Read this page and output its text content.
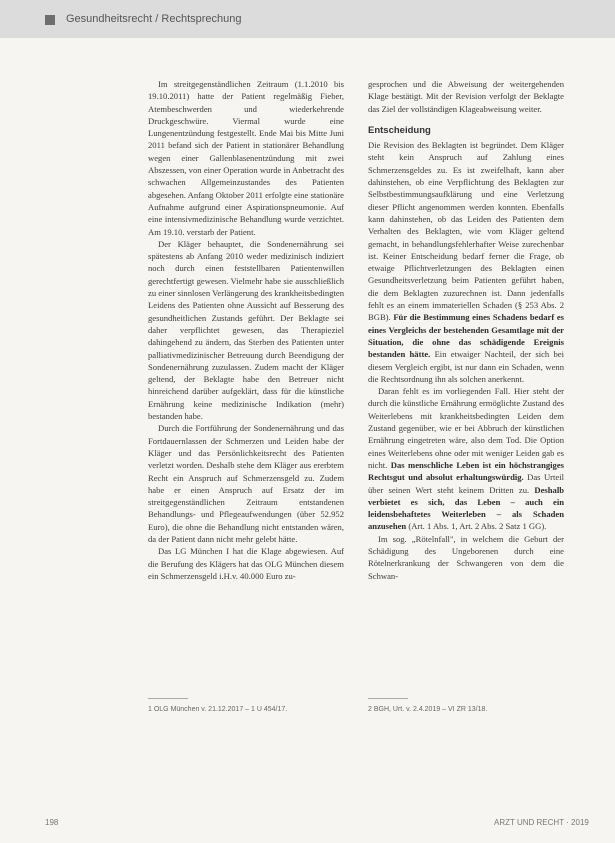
Gesundheitsrecht / Rechtsprechung

Im streitgegenständlichen Zeitraum (1.1.2010 bis 19.10.2011) hatte der Patient regelmäßig Fieber, Atembeschwerden und wiederkehrende Druckgeschwüre. Viermal wurde eine Lungenentzündung festgestellt. Ende Mai bis Mitte Juni 2011 befand sich der Patient in stationärer Behandlung wegen einer Gallenblasenentzündung mit zwei Abszessen, von einer Operation wurde in Anbetracht des schwachen Allgemeinzustandes des Patienten abgesehen. Anfang Oktober 2011 erfolgte eine stationäre Aufnahme aufgrund einer Aspirationspneumonie. Auf eine intensivmedizinische Behandlung wurde verzichtet. Am 19.10. verstarb der Patient.

Der Kläger behauptet, die Sondenernährung sei spätestens ab Anfang 2010 weder medizinisch indiziert noch durch einen feststellbaren Patientenwillen gerechtfertigt gewesen. Vielmehr habe sie ausschließlich zu einer sinnlosen Verlängerung des krankheitsbedingten Leidens des Patienten ohne Aussicht auf Besserung des gesundheitlichen Zustands geführt. Der Beklagte sei daher verpflichtet gewesen, das Therapieziel dahingehend zu ändern, das Sterben des Patienten unter palliativmedizinischer Betreuung durch Beendigung der Sondenernährung zuzulassen. Zudem macht der Kläger geltend, der Beklagte habe den Betreuer nicht hinreichend darüber aufgeklärt, dass für die künstliche Ernährung keine medizinische Indikation (mehr) bestanden habe.

Durch die Fortführung der Sondenernährung und das Fortdauernlassen der Schmerzen und Leiden habe der Kläger und das Persönlichkeitsrecht des Patienten verletzt worden. Deshalb stehe dem Kläger aus ererbtem Recht ein Anspruch auf Schmerzensgeld zu. Zudem habe er einen Anspruch auf Ersatz der im streitgegenständlichen Zeitraum entstandenen Behandlungs- und Pflegeaufwendungen (über 52.952 Euro), die ohne die Behandlung nicht entstanden wären, da der Patient dann nicht mehr gelebt hätte.

Das LG München I hat die Klage abgewiesen. Auf die Berufung des Klägers hat das OLG München diesem ein Schmerzensgeld i.H.v. 40.000 Euro zu-

gesprochen und die Abweisung der weitergehenden Klage bestätigt. Mit der Revision verfolgt der Beklagte das Ziel der vollständigen Klageabweisung weiter.

Entscheidung

Die Revision des Beklagten ist begründet. Dem Kläger steht kein Anspruch auf Zahlung eines Schmerzensgeldes zu. Es ist zweifelhaft, kann aber dahinstehen, ob eine Verpflichtung des Beklagten zur Selbstbestimmungsaufklärung und eine Verletzung dieser Pflicht angenommen werden konnten. Ebenfalls kann dahinstehen, ob das Leiden des Patienten dem Verhalten des Beklagten, wie vom Kläger geltend gemacht, in behandlungsfehlerhafter Weise zurechenbar ist. Keiner Entscheidung bedarf ferner die Frage, ob etwaige Pflichtverletzungen des Beklagten einen Gesundheitsverletzung beim Patienten geführt haben, die dem Beklagten zuzurechnen ist. Dann jedenfalls fehlt es an einem immateriellen Schaden (§ 253 Abs. 2 BGB). Für die Bestimmung eines Schadens bedarf es eines Vergleichs der bestehenden Gesamtlage mit der Situation, die ohne das schädigende Ereignis bestanden hätte. Ein etwaiger Nachteil, der sich bei diesem Vergleich ergibt, ist nur dann ein Schaden, wenn die Rechtsordnung ihn als solchen anerkennt.

Daran fehlt es im vorliegenden Fall. Hier steht der durch die künstliche Ernährung ermöglichte Zustand des Weiterlebens mit krankheitsbedingten Leiden dem Zustand gegenüber, wie er bei Abbruch der künstlichen Ernährung eingetreten wäre, also dem Tod. Die Option eines Weiterlebens ohne oder mit weniger Leiden gab es nicht. Das menschliche Leben ist ein höchstrangiges Rechtsgut und absolut erhaltungswürdig. Das Urteil über seinen Wert steht keinem Dritten zu. Deshalb verbietet es sich, das Leben – auch ein leidensbehaftetes Weiterleben – als Schaden anzusehen (Art. 1 Abs. 1, Art. 2 Abs. 2 Satz 1 GG).

Im sog. „Rötelnfall", in welchem die Geburt der Schädigung des Ungeborenen durch eine Rötelnerkrankung der Schwangeren von dem die Schwan-

1 OLG München v. 21.12.2017 – 1 U 454/17.	2 BGH, Urt. v. 2.4.2019 – VI ZR 13/18.
198	ARZT UND RECHT · 2019
